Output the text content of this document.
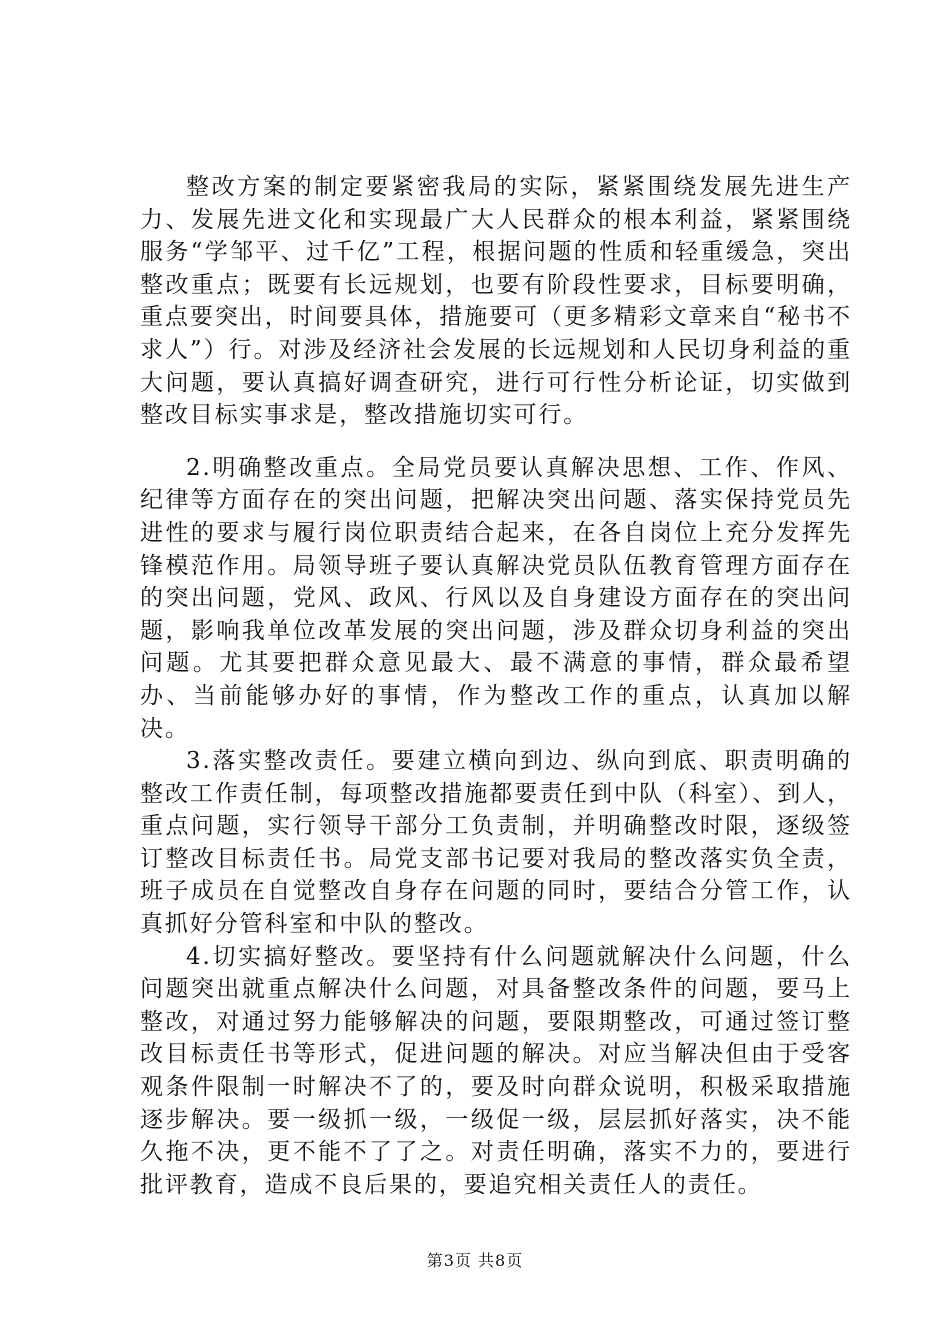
整改方案的制定要紧密我局的实际，紧紧围绕发展先进生产力、发展先进文化和实现最广大人民群众的根本利益，紧紧围绕服务“学邹平、过千亿”工程，根据问题的性质和轻重缓急，突出整改重点；既要有长远规划，也要有阶段性要求，目标要明确，重点要突出，时间要具体，措施要可（更多精彩文章来自“秘书不求人”）行。对涉及经济社会发展的长远规划和人民切身利益的重大问题，要认真搞好调查研究，进行可行性分析论证，切实做到整改目标实事求是，整改措施切实可行。

2.明确整改重点。全局党员要认真解决思想、工作、作风、纪律等方面存在的突出问题，把解决突出问题、落实保持党员先进性的要求与履行岗位职责结合起来，在各自岗位上充分发挥先锋模范作用。局领导班子要认真解决党员队伍教育管理方面存在的突出问题，党风、政风、行风以及自身建设方面存在的突出问题，影响我单位改革发展的突出问题，涉及群众切身利益的突出问题。尤其要把群众意见最大、最不满意的事情，群众最希望办、当前能够办好的事情，作为整改工作的重点，认真加以解决。

3.落实整改责任。要建立横向到边、纵向到底、职责明确的整改工作责任制，每项整改措施都要责任到中队（科室）、到人，重点问题，实行领导干部分工负责制，并明确整改时限，逐级签订整改目标责任书。局党支部书记要对我局的整改落实负全责，班子成员在自觉整改自身存在问题的同时，要结合分管工作，认真抓好分管科室和中队的整改。

4.切实搞好整改。要坚持有什么问题就解决什么问题，什么问题突出就重点解决什么问题，对具备整改条件的问题，要马上整改，对通过努力能够解决的问题，要限期整改，可通过签订整改目标责任书等形式，促进问题的解决。对应当解决但由于受客观条件限制一时解决不了的，要及时向群众说明，积极采取措施逐步解决。要一级抓一级，一级促一级，层层抓好落实，决不能久拖不决，更不能不了了之。对责任明确，落实不力的，要进行批评教育，造成不良后果的，要追究相关责任人的责任。

第3页 共8页
